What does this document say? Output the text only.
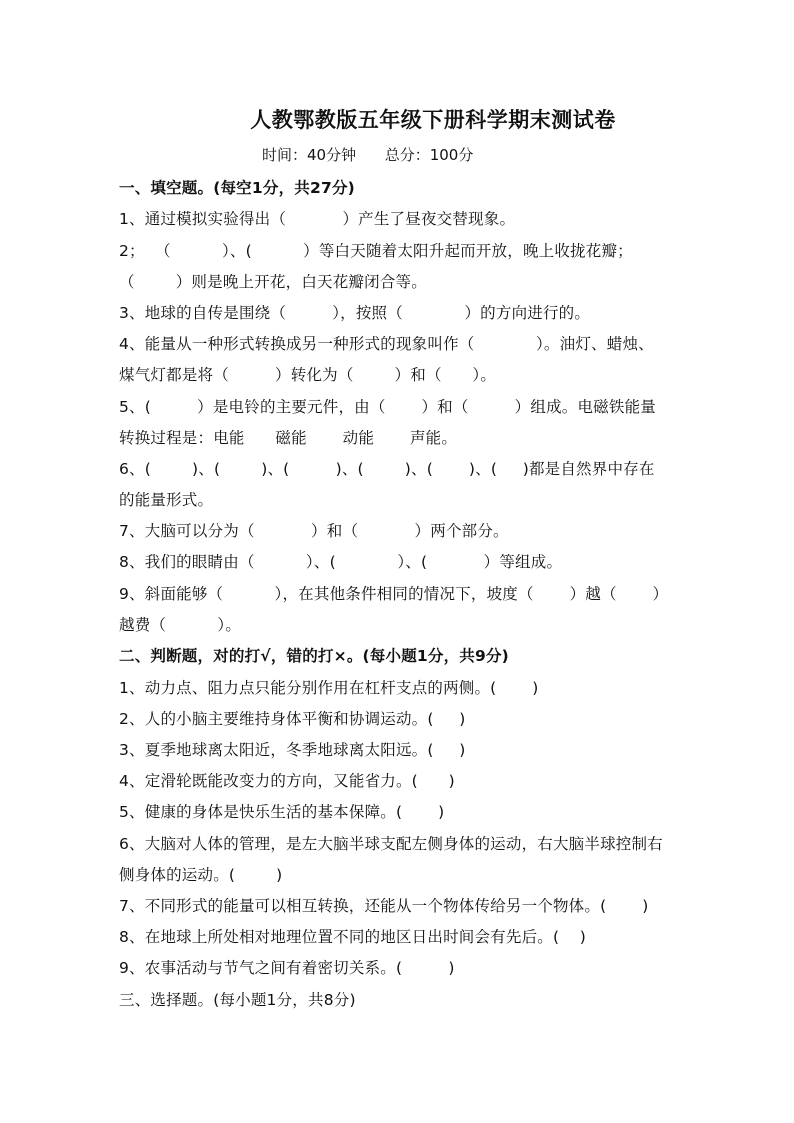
人教鄂教版五年级下册科学期末测试卷
时间：40分钟 总分：100分
一、填空题。(每空1分，共27分)
1、通过模拟实验得出（           ）产生了昼夜交替现象。
2；  （          ）、(          ）等白天随着太阳升起而开放，晚上收拢花瓣；
（        ）则是晚上开花，白天花瓣闭合等。
3、地球的自传是围绕（         ），按照（            ）的方向进行的。
4、能量从一种形式转换成另一种形式的现象叫作（            ）。油灯、蜡烛、
煤气灯都是将（         ）转化为（        ）和（      ）。
5、(         ）是电铃的主要元件，由（       ）和（         ）组成。电磁铁能量
转换过程是：电能      磁能       动能       声能。
6、(        )、(        )、(         )、(        )、(       )、(     )都是自然界中存在
的能量形式。
7、大脑可以分为（           ）和（           ）两个部分。
8、我们的眼睛由（          ）、(            ）、(           ）等组成。
9、斜面能够（          ），在其他条件相同的情况下，坡度（       ）越（       ）
越费（          ）。
二、判断题，对的打√，错的打×。(每小题1分，共9分)
1、动力点、阻力点只能分别作用在杠杆支点的两侧。(       )
2、人的小脑主要维持身体平衡和协调运动。(     )
3、夏季地球离太阳近，冬季地球离太阳远。(     )
4、定滑轮既能改变力的方向，又能省力。(      )
5、健康的身体是快乐生活的基本保障。(       )
6、大脑对人体的管理，是左大脑半球支配左侧身体的运动，右大脑半球控制右
侧身体的运动。(        )
7、不同形式的能量可以相互转换，还能从一个物体传给另一个物体。(       )
8、在地球上所处相对地理位置不同的地区日出时间会有先后。(    )
9、农事活动与节气之间有着密切关系。(         )
三、选择题。(每小题1分，共8分)
